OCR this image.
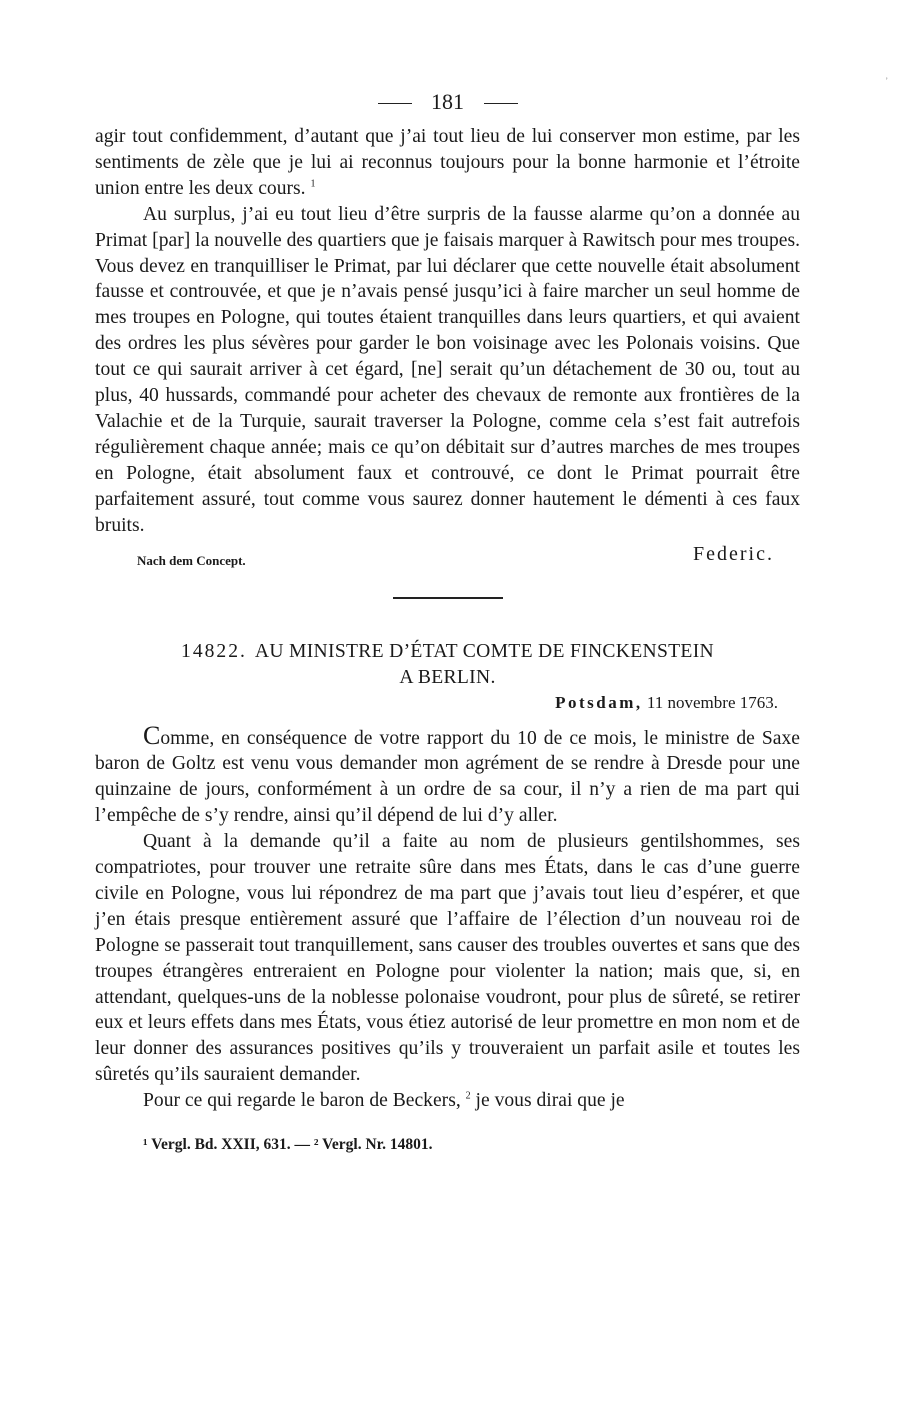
ʼ
181

agir tout confidemment, d’autant que j’ai tout lieu de lui conserver mon estime, par les sentiments de zèle que je lui ai reconnus toujours pour la bonne harmonie et l’étroite union entre les deux cours. $^1$

Au surplus, j’ai eu tout lieu d’être surpris de la fausse alarme qu’on a donnée au Primat [par] la nouvelle des quartiers que je faisais marquer à Rawitsch pour mes troupes. Vous devez en tranquilliser le Primat, par lui déclarer que cette nouvelle était absolument fausse et controuvée, et que je n’avais pensé jusqu’ici à faire marcher un seul homme de mes troupes en Pologne, qui toutes étaient tranquilles dans leurs quartiers, et qui avaient des ordres les plus sévères pour garder le bon voisinage avec les Polonais voisins. Que tout ce qui saurait arriver à cet égard, [ne] serait qu’un détachement de 30 ou, tout au plus, 40 hussards, commandé pour acheter des chevaux de remonte aux frontières de la Valachie et de la Turquie, saurait traverser la Pologne, comme cela s’est fait autrefois régulièrement chaque année; mais ce qu’on débitait sur d’autres marches de mes troupes en Pologne, était absolument faux et controuvé, ce dont le Primat pourrait être parfaitement assuré, tout comme vous saurez donner hautement le démenti à ces faux bruits.

Nach dem Concept.	Federic.
14822. AU MINISTRE D’ÉTAT COMTE DE FINCKENSTEIN
A BERLIN.
Potsdam, 11 novembre 1763.

Comme, en conséquence de votre rapport du 10 de ce mois, le ministre de Saxe baron de Goltz est venu vous demander mon agrément de se rendre à Dresde pour une quinzaine de jours, conformément à un ordre de sa cour, il n’y a rien de ma part qui l’empêche de s’y rendre, ainsi qu’il dépend de lui d’y aller.

Quant à la demande qu’il a faite au nom de plusieurs gentilshommes, ses compatriotes, pour trouver une retraite sûre dans mes États, dans le cas d’une guerre civile en Pologne, vous lui répondrez de ma part que j’avais tout lieu d’espérer, et que j’en étais presque entièrement assuré que l’affaire de l’élection d’un nouveau roi de Pologne se passerait tout tranquillement, sans causer des troubles ouvertes et sans que des troupes étrangères entreraient en Pologne pour violenter la nation; mais que, si, en attendant, quelques-uns de la noblesse polonaise voudront, pour plus de sûreté, se retirer eux et leurs effets dans mes États, vous étiez autorisé de leur promettre en mon nom et de leur donner des assurances positives qu’ils y trouveraient un parfait asile et toutes les sûretés qu’ils sauraient demander.

Pour ce qui regarde le baron de Beckers, $^2$ je vous dirai que je

¹ Vergl. Bd. XXII, 631. — ² Vergl. Nr. 14801.
